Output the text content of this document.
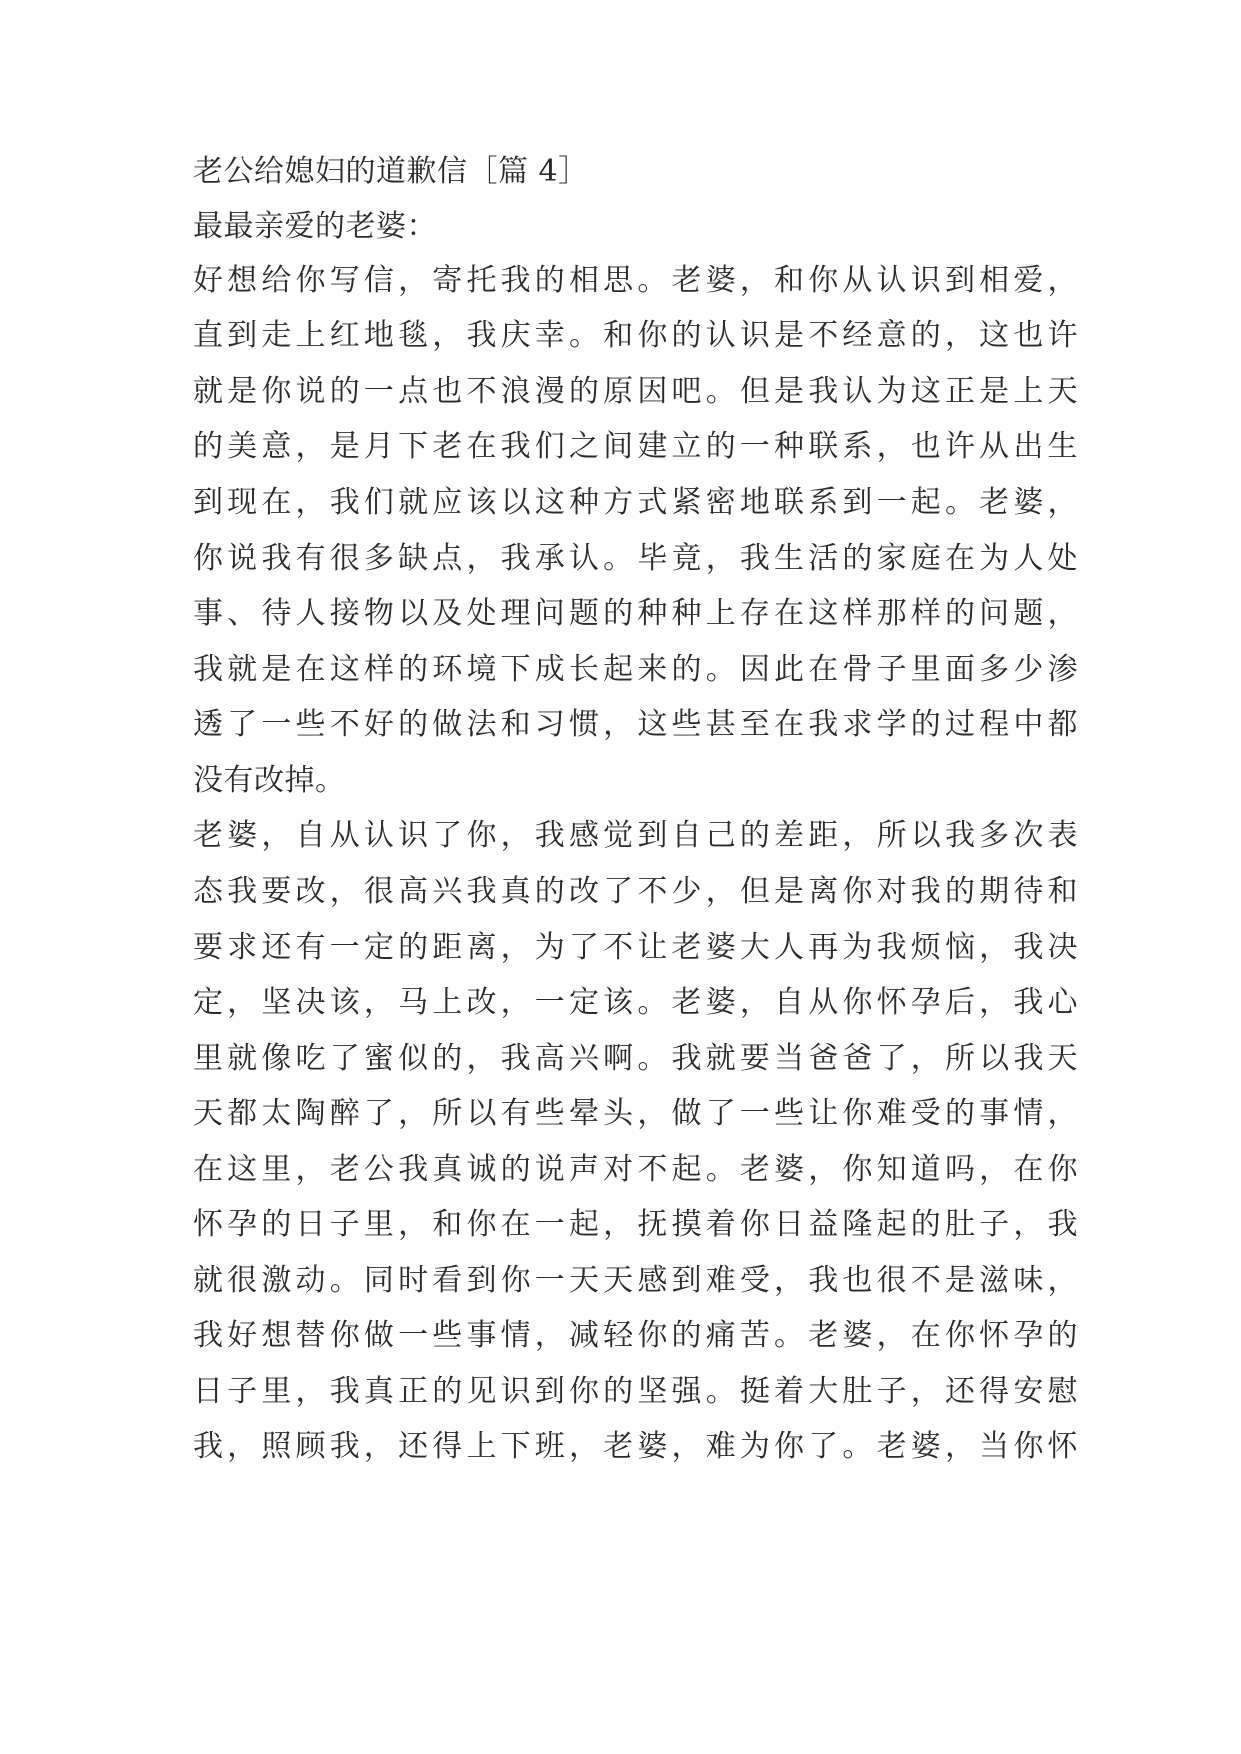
老公给媳妇的道歉信［篇 4］
最最亲爱的老婆：
好想给你写信，寄托我的相思。老婆，和你从认识到相爱，
直到走上红地毯，我庆幸。和你的认识是不经意的，这也许
就是你说的一点也不浪漫的原因吧。但是我认为这正是上天
的美意，是月下老在我们之间建立的一种联系，也许从出生
到现在，我们就应该以这种方式紧密地联系到一起。老婆，
你说我有很多缺点，我承认。毕竟，我生活的家庭在为人处
事、待人接物以及处理问题的种种上存在这样那样的问题，
我就是在这样的环境下成长起来的。因此在骨子里面多少渗
透了一些不好的做法和习惯，这些甚至在我求学的过程中都
没有改掉。
老婆，自从认识了你，我感觉到自己的差距，所以我多次表
态我要改，很高兴我真的改了不少，但是离你对我的期待和
要求还有一定的距离，为了不让老婆大人再为我烦恼，我决
定，坚决该，马上改，一定该。老婆，自从你怀孕后，我心
里就像吃了蜜似的，我高兴啊。我就要当爸爸了，所以我天
天都太陶醉了，所以有些晕头，做了一些让你难受的事情，
在这里，老公我真诚的说声对不起。老婆，你知道吗，在你
怀孕的日子里，和你在一起，抚摸着你日益隆起的肚子，我
就很激动。同时看到你一天天感到难受，我也很不是滋味，
我好想替你做一些事情，减轻你的痛苦。老婆，在你怀孕的
日子里，我真正的见识到你的坚强。挺着大肚子，还得安慰
我，照顾我，还得上下班，老婆，难为你了。老婆，当你怀
